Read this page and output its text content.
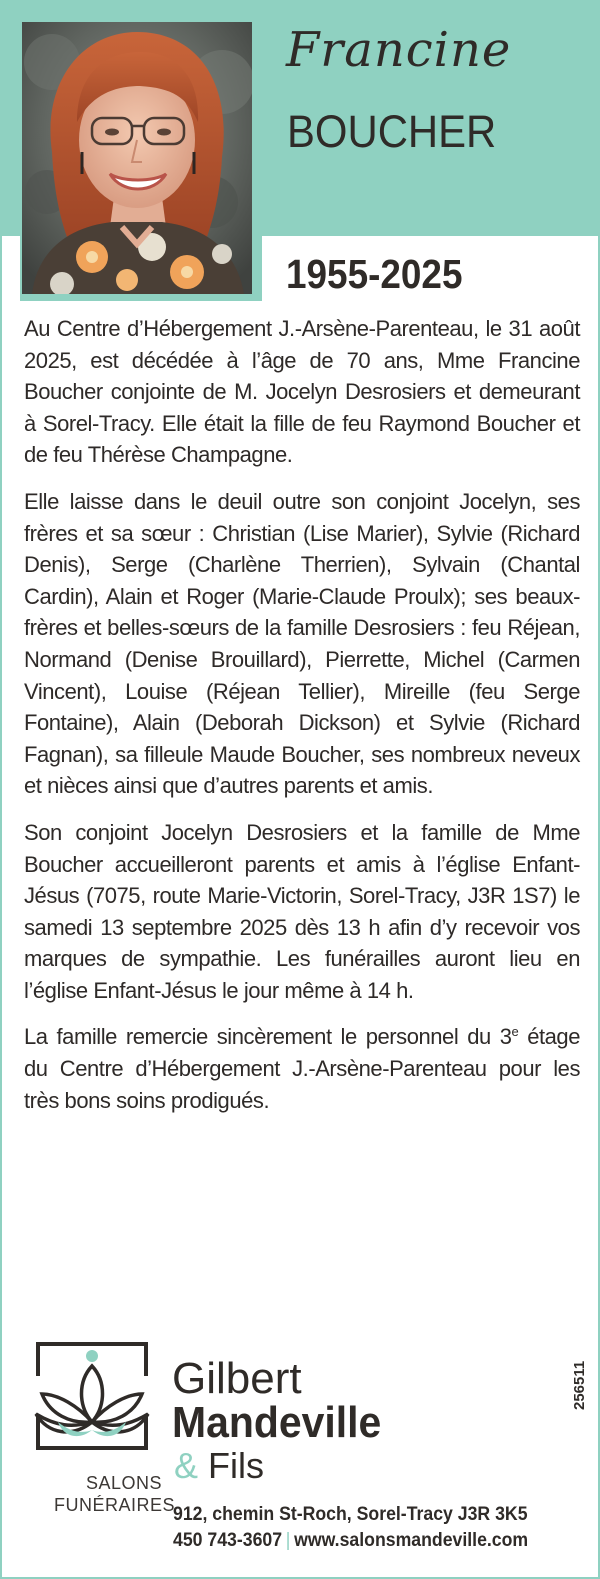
Francine
BOUCHER
1955-2025

Au Centre d’Hébergement J.-Arsène-Parenteau, le 31 août 2025, est décédée à l’âge de 70 ans, Mme Francine Boucher conjointe de M. Jocelyn Desrosiers et demeurant à Sorel-Tracy. Elle était la fille de feu Raymond Boucher et de feu Thérèse Champagne.

Elle laisse dans le deuil outre son conjoint Jocelyn, ses frères et sa sœur : Christian (Lise Marier), Sylvie (Richard Denis), Serge (Charlène Therrien), Sylvain (Chantal Cardin), Alain et Roger (Marie-Claude Proulx); ses beaux-frères et belles-sœurs de la famille Desrosiers : feu Réjean, Normand (Denise Brouillard), Pierrette, Michel (Carmen Vincent), Louise (Réjean Tellier), Mireille (feu Serge Fontaine), Alain (Deborah Dickson) et Sylvie (Richard Fagnan), sa filleule Maude Boucher, ses nombreux neveux et nièces ainsi que d’autres parents et amis.

Son conjoint Jocelyn Desrosiers et la famille de Mme Boucher accueilleront parents et amis à l’église Enfant-Jésus (7075, route Marie-Victorin, Sorel-Tracy, J3R 1S7) le samedi 13 septembre 2025 dès 13 h afin d’y recevoir vos marques de sympathie. Les funérailles auront lieu en l’église Enfant-Jésus le jour même à 14 h.

La famille remercie sincèrement le personnel du 3e étage du Centre d’Hébergement J.-Arsène-Parenteau pour les très bons soins prodigués.

SALONS
FUNÉRAIRES
Gilbert
Mandeville
& Fils
912, chemin St-Roch, Sorel-Tracy J3R 3K5
450 743-3607 | www.salonsmandeville.com
256511
